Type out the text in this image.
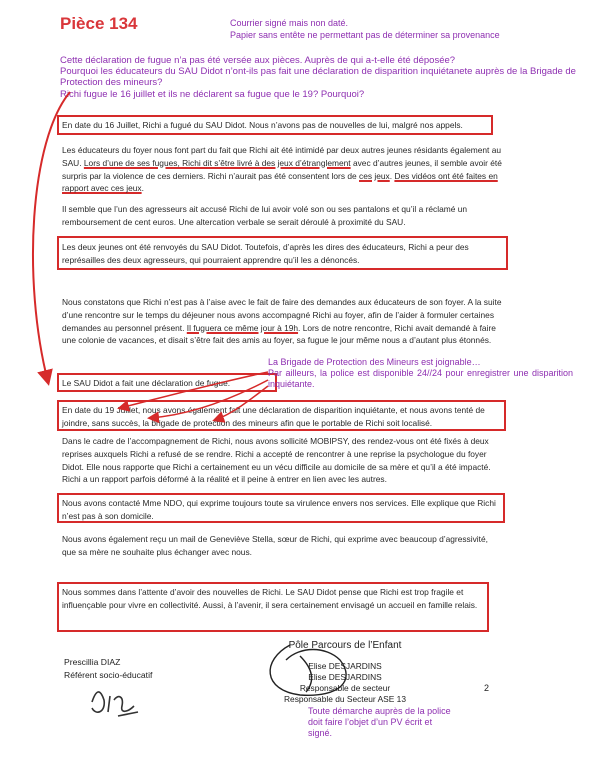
Pièce 134	Courrier signé mais non daté.
Papier sans entête ne permettant pas de déterminer sa provenance
Cette déclaration de fugue n’a pas été versée aux pièces. Auprès de qui a-t-elle été déposée?
Pourquoi les éducateurs du SAU Didot n’ont-ils pas fait une déclaration de disparition inquiétanete auprès de la Brigade de Protection des mineurs?
Richi fugue le 16 juillet et ils ne déclarent sa fugue que le 19? Pourquoi?

En date du 16 Juillet, Richi a fugué du SAU Didot. Nous n’avons pas de nouvelles de lui, malgré nos appels.

Les éducateurs du foyer nous font part du fait que Richi ait été intimidé par deux autres jeunes résidants également au SAU. Lors d’une de ses fugues, Richi dit s’être livré à des jeux d’étranglement avec d’autres jeunes, il semble avoir été surpris par la violence de ces derniers. Richi n’aurait pas été consentent lors de ces jeux. Des vidéos ont été faites en rapport avec ces jeux.

Il semble que l’un des agresseurs ait accusé Richi de lui avoir volé son ou ses pantalons et qu’il a réclamé un remboursement de cent euros. Une altercation verbale se serait déroulé à proximité du SAU.

Les deux jeunes ont été renvoyés du SAU Didot. Toutefois, d’après les dires des éducateurs, Richi a peur des représailles des deux agresseurs, qui pourraient apprendre qu’il les a dénoncés.

Nous constatons que Richi n’est pas à l’aise avec le fait de faire des demandes aux éducateurs de son foyer. A la suite d’une rencontre sur le temps du déjeuner nous avons accompagné Richi au foyer, afin de l’aider à formuler certaines demandes au personnel présent. Il fuguera ce même jour à 19h. Lors de notre rencontre, Richi avait demandé à faire une colonie de vacances, et disait s’être fait des amis au foyer, sa fugue le jour même nous a d’autant plus étonnés.

Le SAU Didot a fait une déclaration de fugue.

En date du 19 Juillet, nous avons également fait une déclaration de disparition inquiétante, et nous avons tenté de joindre, sans succès, la brigade de protection des mineurs afin que le portable de Richi soit localisé.

Dans le cadre de l’accompagnement de Richi, nous avons sollicité MOBIPSY, des rendez-vous ont été fixés à deux reprises auxquels Richi a refusé de se rendre. Richi a accepté de rencontrer à une reprise la psychologue du foyer Didot. Elle nous rapporte que Richi a certainement eu un vécu difficile au domicile de sa mère et qu’il a été impacté. Richi a un rapport parfois déformé à la réalité et il peine à entrer en lien avec les autres.

Nous avons contacté Mme NDO, qui exprime toujours toute sa virulence envers nos services. Elle explique que Richi n’est pas à son domicile.

Nous avons également reçu un mail de Geneviève Stella, sœur de Richi, qui exprime avec beaucoup d’agressivité, que sa mère ne souhaite plus échanger avec nous.

Nous sommes dans l’attente d’avoir des nouvelles de Richi. Le SAU Didot pense que Richi est trop fragile et influençable pour vivre en collectivité. Aussi, à l’avenir, il sera certainement envisagé un accueil en famille relais.

La Brigade de Protection des Mineurs est joignable…
Par ailleurs, la police est disponible 24//24 pour enregistrer une disparition inquiétante.
Prescillia DIAZ
Référent socio-éducatif
Pôle Parcours de l’Enfant
Elise DESJARDINS
Elise DESJARDINS
Responsable de secteur
Responsable du Secteur ASE 13
2
Toute démarche auprès de la police doit faire l’objet d’un PV écrit et signé.
